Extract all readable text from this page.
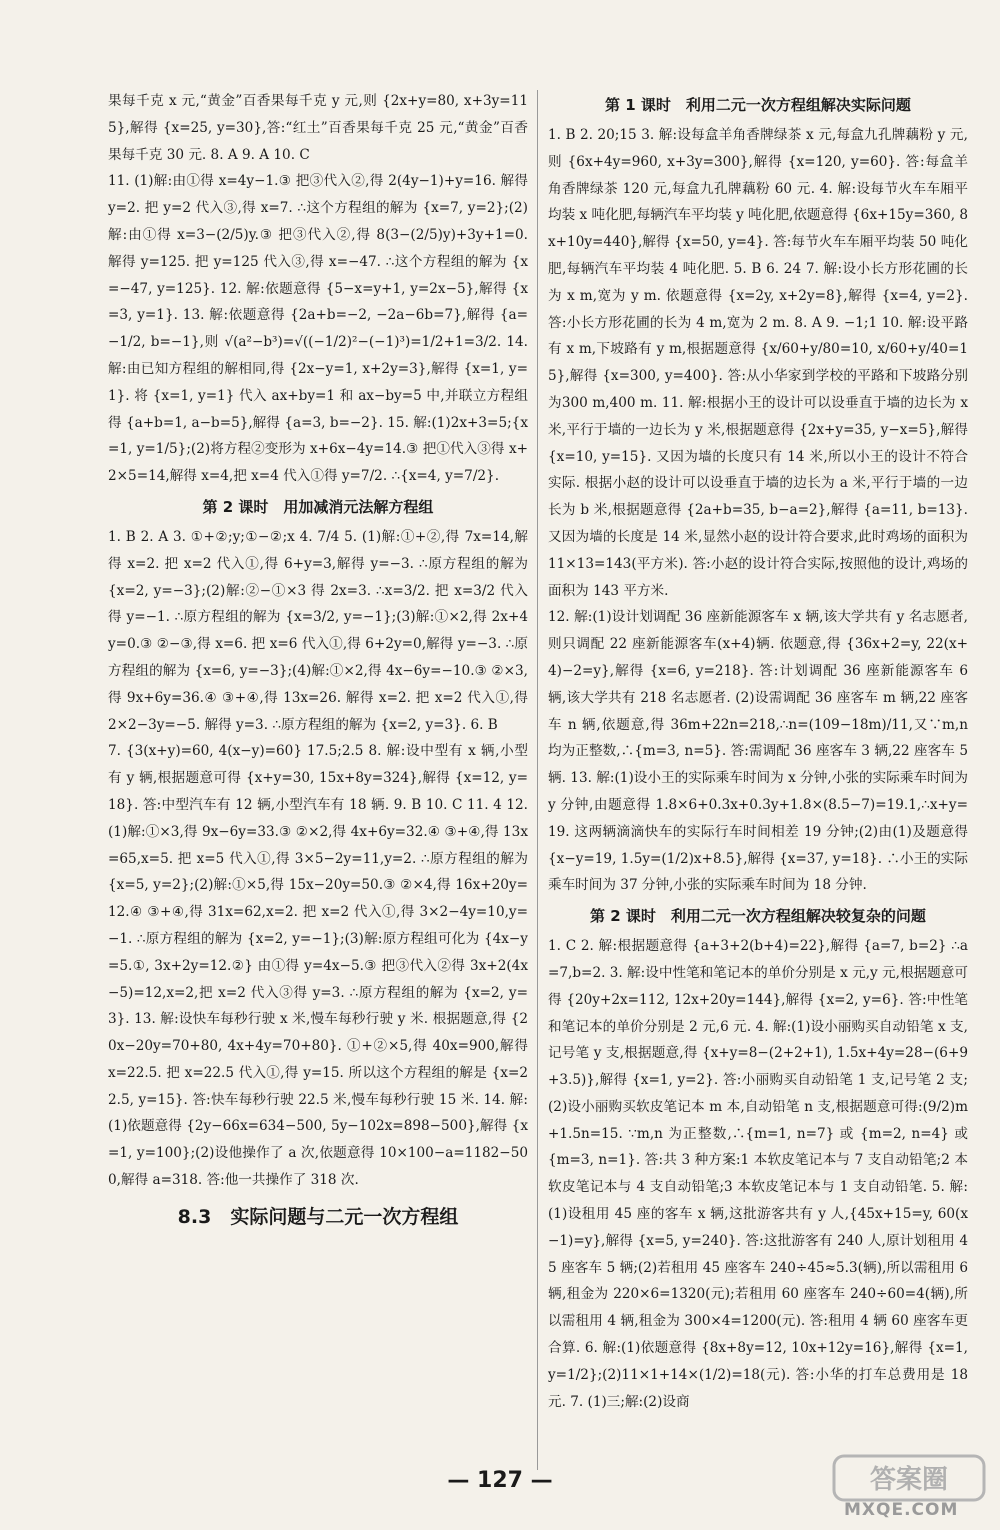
果每千克 x 元,“黄金”百香果每千克 y 元,则 {2x+y=80, x+3y=115},解得 {x=25, y=30},答:“红土”百香果每千克 25 元,“黄金”百香果每千克 30 元. 8. A 9. A 10. C

11. (1)解:由①得 x=4y−1.③ 把③代入②,得 2(4y−1)+y=16. 解得 y=2. 把 y=2 代入③,得 x=7. ∴这个方程组的解为 {x=7, y=2};(2)解:由①得 x=3−(2/5)y.③ 把③代入②,得 8(3−(2/5)y)+3y+1=0. 解得 y=125. 把 y=125 代入③,得 x=−47. ∴这个方程组的解为 {x=−47, y=125}. 12. 解:依题意得 {5−x=y+1, y=2x−5},解得 {x=3, y=1}. 13. 解:依题意得 {2a+b=−2, −2a−6b=7},解得 {a=−1/2, b=−1},则 √(a²−b³)=√((−1/2)²−(−1)³)=1/2+1=3/2. 14. 解:由已知方程组的解相同,得 {2x−y=1, x+2y=3},解得 {x=1, y=1}. 将 {x=1, y=1} 代入 ax+by=1 和 ax−by=5 中,并联立方程组得 {a+b=1, a−b=5},解得 {a=3, b=−2}. 15. 解:(1)2x+3=5;{x=1, y=1/5};(2)将方程②变形为 x+6x−4y=14.③ 把①代入③得 x+2×5=14,解得 x=4,把 x=4 代入①得 y=7/2. ∴{x=4, y=7/2}.

第 2 课时　用加减消元法解方程组

1. B 2. A 3. ①+②;y;①−②;x 4. 7/4 5. (1)解:①+②,得 7x=14,解得 x=2. 把 x=2 代入①,得 6+y=3,解得 y=−3. ∴原方程组的解为 {x=2, y=−3};(2)解:②−①×3 得 2x=3. ∴x=3/2. 把 x=3/2 代入得 y=−1. ∴原方程组的解为 {x=3/2, y=−1};(3)解:①×2,得 2x+4y=0.③ ②−③,得 x=6. 把 x=6 代入①,得 6+2y=0,解得 y=−3. ∴原方程组的解为 {x=6, y=−3};(4)解:①×2,得 4x−6y=−10.③ ②×3,得 9x+6y=36.④ ③+④,得 13x=26. 解得 x=2. 把 x=2 代入①,得 2×2−3y=−5. 解得 y=3. ∴原方程组的解为 {x=2, y=3}. 6. B

7. {3(x+y)=60, 4(x−y)=60} 17.5;2.5 8. 解:设中型有 x 辆,小型有 y 辆,根据题意可得 {x+y=30, 15x+8y=324},解得 {x=12, y=18}. 答:中型汽车有 12 辆,小型汽车有 18 辆. 9. B 10. C 11. 4 12. (1)解:①×3,得 9x−6y=33.③ ②×2,得 4x+6y=32.④ ③+④,得 13x=65,x=5. 把 x=5 代入①,得 3×5−2y=11,y=2. ∴原方程组的解为 {x=5, y=2};(2)解:①×5,得 15x−20y=50.③ ②×4,得 16x+20y=12.④ ③+④,得 31x=62,x=2. 把 x=2 代入①,得 3×2−4y=10,y=−1. ∴原方程组的解为 {x=2, y=−1};(3)解:原方程组可化为 {4x−y=5.①, 3x+2y=12.②} 由①得 y=4x−5.③ 把③代入②得 3x+2(4x−5)=12,x=2,把 x=2 代入③得 y=3. ∴原方程组的解为 {x=2, y=3}. 13. 解:设快车每秒行驶 x 米,慢车每秒行驶 y 米. 根据题意,得 {20x−20y=70+80, 4x+4y=70+80}. ①+②×5,得 40x=900,解得 x=22.5. 把 x=22.5 代入①,得 y=15. 所以这个方程组的解是 {x=22.5, y=15}. 答:快车每秒行驶 22.5 米,慢车每秒行驶 15 米. 14. 解:(1)依题意得 {2y−66x=634−500, 5y−102x=898−500},解得 {x=1, y=100};(2)设他操作了 a 次,依题意得 10×100−a=1182−500,解得 a=318. 答:他一共操作了 318 次.

8.3　实际问题与二元一次方程组
第 1 课时　利用二元一次方程组解决实际问题

1. B 2. 20;15 3. 解:设每盒羊角香牌绿茶 x 元,每盒九孔牌藕粉 y 元,则 {6x+4y=960, x+3y=300},解得 {x=120, y=60}. 答:每盒羊角香牌绿茶 120 元,每盒九孔牌藕粉 60 元. 4. 解:设每节火车车厢平均装 x 吨化肥,每辆汽车平均装 y 吨化肥,依题意得 {6x+15y=360, 8x+10y=440},解得 {x=50, y=4}. 答:每节火车车厢平均装 50 吨化肥,每辆汽车平均装 4 吨化肥. 5. B 6. 24 7. 解:设小长方形花圃的长为 x m,宽为 y m. 依题意得 {x=2y, x+2y=8},解得 {x=4, y=2}. 答:小长方形花圃的长为 4 m,宽为 2 m. 8. A 9. −1;1 10. 解:设平路有 x m,下坡路有 y m,根据题意得 {x/60+y/80=10, x/60+y/40=15},解得 {x=300, y=400}. 答:从小华家到学校的平路和下坡路分别为300 m,400 m. 11. 解:根据小王的设计可以设垂直于墙的边长为 x 米,平行于墙的一边长为 y 米,根据题意得 {2x+y=35, y−x=5},解得 {x=10, y=15}. 又因为墙的长度只有 14 米,所以小王的设计不符合实际. 根据小赵的设计可以设垂直于墙的边长为 a 米,平行于墙的一边长为 b 米,根据题意得 {2a+b=35, b−a=2},解得 {a=11, b=13}. 又因为墙的长度是 14 米,显然小赵的设计符合要求,此时鸡场的面积为 11×13=143(平方米). 答:小赵的设计符合实际,按照他的设计,鸡场的面积为 143 平方米.

12. 解:(1)设计划调配 36 座新能源客车 x 辆,该大学共有 y 名志愿者,则只调配 22 座新能源客车(x+4)辆. 依题意,得 {36x+2=y, 22(x+4)−2=y},解得 {x=6, y=218}. 答:计划调配 36 座新能源客车 6 辆,该大学共有 218 名志愿者. (2)设需调配 36 座客车 m 辆,22 座客车 n 辆,依题意,得 36m+22n=218,∴n=(109−18m)/11,又∵m,n 均为正整数,∴{m=3, n=5}. 答:需调配 36 座客车 3 辆,22 座客车 5 辆. 13. 解:(1)设小王的实际乘车时间为 x 分钟,小张的实际乘车时间为 y 分钟,由题意得 1.8×6+0.3x+0.3y+1.8×(8.5−7)=19.1,∴x+y=19. 这两辆滴滴快车的实际行车时间相差 19 分钟;(2)由(1)及题意得 {x−y=19, 1.5y=(1/2)x+8.5},解得 {x=37, y=18}. ∴小王的实际乘车时间为 37 分钟,小张的实际乘车时间为 18 分钟.

第 2 课时　利用二元一次方程组解决较复杂的问题

1. C 2. 解:根据题意得 {a+3+2(b+4)=22},解得 {a=7, b=2} ∴a=7,b=2. 3. 解:设中性笔和笔记本的单价分别是 x 元,y 元,根据题意可得 {20y+2x=112, 12x+20y=144},解得 {x=2, y=6}. 答:中性笔和笔记本的单价分别是 2 元,6 元. 4. 解:(1)设小丽购买自动铅笔 x 支,记号笔 y 支,根据题意,得 {x+y=8−(2+2+1), 1.5x+4y=28−(6+9+3.5)},解得 {x=1, y=2}. 答:小丽购买自动铅笔 1 支,记号笔 2 支;(2)设小丽购买软皮笔记本 m 本,自动铅笔 n 支,根据题意可得:(9/2)m+1.5n=15. ∵m,n 为正整数,∴{m=1, n=7} 或 {m=2, n=4} 或 {m=3, n=1}. 答:共 3 种方案:1 本软皮笔记本与 7 支自动铅笔;2 本软皮笔记本与 4 支自动铅笔;3 本软皮笔记本与 1 支自动铅笔. 5. 解:(1)设租用 45 座的客车 x 辆,这批游客共有 y 人,{45x+15=y, 60(x−1)=y},解得 {x=5, y=240}. 答:这批游客有 240 人,原计划租用 45 座客车 5 辆;(2)若租用 45 座客车 240÷45≈5.3(辆),所以需租用 6 辆,租金为 220×6=1320(元);若租用 60 座客车 240÷60=4(辆),所以需租用 4 辆,租金为 300×4=1200(元). 答:租用 4 辆 60 座客车更合算. 6. 解:(1)依题意得 {8x+8y=12, 10x+12y=16},解得 {x=1, y=1/2};(2)11×1+14×(1/2)=18(元). 答:小华的打车总费用是 18 元. 7. (1)三;解:(2)设商

— 127 —	答案圈
MXQE.COM
